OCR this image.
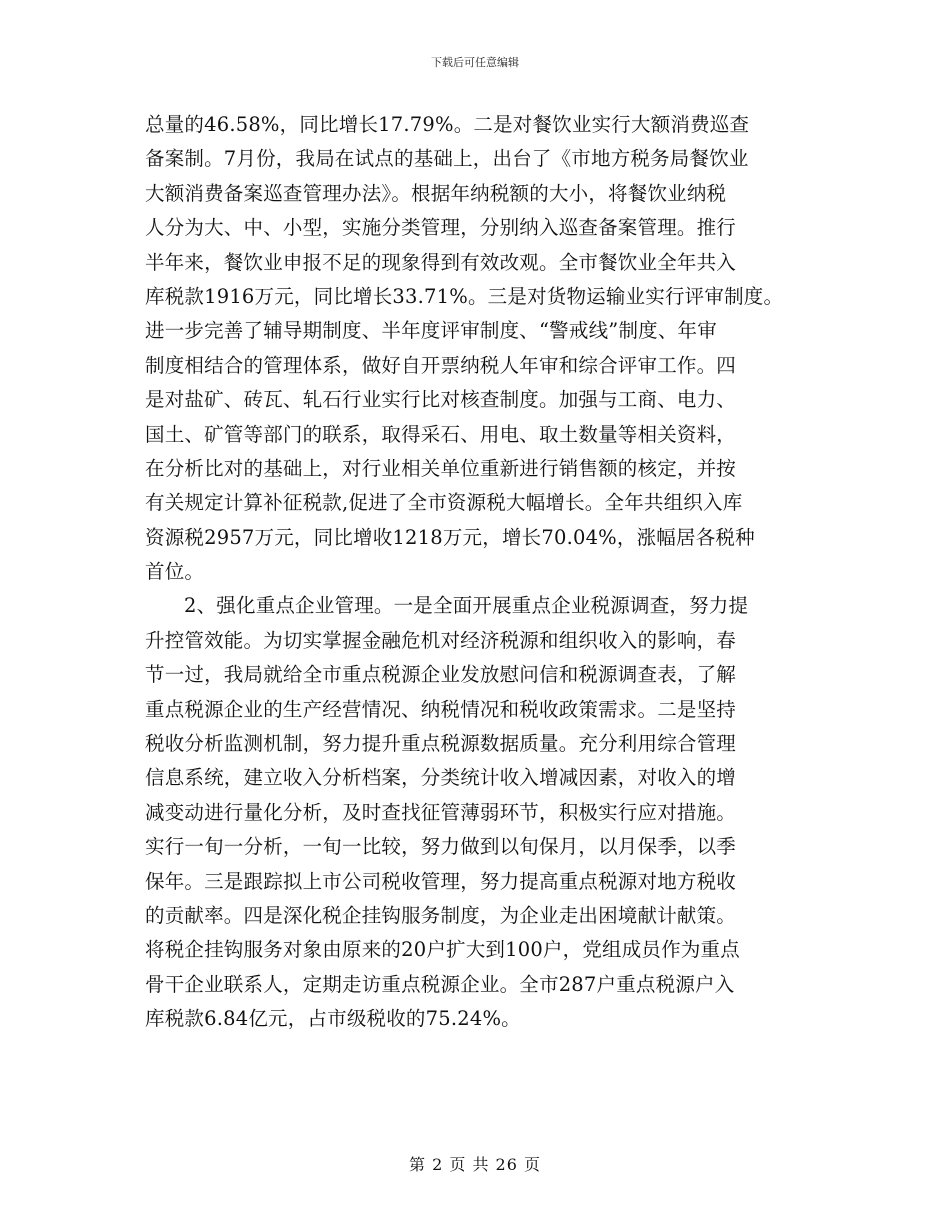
下载后可任意编辑
总量的46.58%，同比增长17.79%。二是对餐饮业实行大额消费巡查
备案制。7月份，我局在试点的基础上，出台了《市地方税务局餐饮业
大额消费备案巡查管理办法》。根据年纳税额的大小，将餐饮业纳税
人分为大、中、小型，实施分类管理，分别纳入巡查备案管理。推行
半年来，餐饮业申报不足的现象得到有效改观。全市餐饮业全年共入
库税款1916万元，同比增长33.71%。三是对货物运输业实行评审制度。
进一步完善了辅导期制度、半年度评审制度、“警戒线”制度、年审
制度相结合的管理体系，做好自开票纳税人年审和综合评审工作。四
是对盐矿、砖瓦、轧石行业实行比对核查制度。加强与工商、电力、
国土、矿管等部门的联系，取得采石、用电、取土数量等相关资料，
在分析比对的基础上，对行业相关单位重新进行销售额的核定，并按
有关规定计算补征税款,促进了全市资源税大幅增长。全年共组织入库
资源税2957万元，同比增收1218万元，增长70.04%，涨幅居各税种
首位。
2、强化重点企业管理。一是全面开展重点企业税源调查，努力提
升控管效能。为切实掌握金融危机对经济税源和组织收入的影响，春
节一过，我局就给全市重点税源企业发放慰问信和税源调查表，了解
重点税源企业的生产经营情况、纳税情况和税收政策需求。二是坚持
税收分析监测机制，努力提升重点税源数据质量。充分利用综合管理
信息系统，建立收入分析档案，分类统计收入增减因素，对收入的增
减变动进行量化分析，及时查找征管薄弱环节，积极实行应对措施。
实行一旬一分析，一旬一比较，努力做到以旬保月，以月保季，以季
保年。三是跟踪拟上市公司税收管理，努力提高重点税源对地方税收
的贡献率。四是深化税企挂钩服务制度，为企业走出困境献计献策。
将税企挂钩服务对象由原来的20户扩大到100户，党组成员作为重点
骨干企业联系人，定期走访重点税源企业。全市287户重点税源户入
库税款6.84亿元，占市级税收的75.24%。
第 2 页 共 26 页
